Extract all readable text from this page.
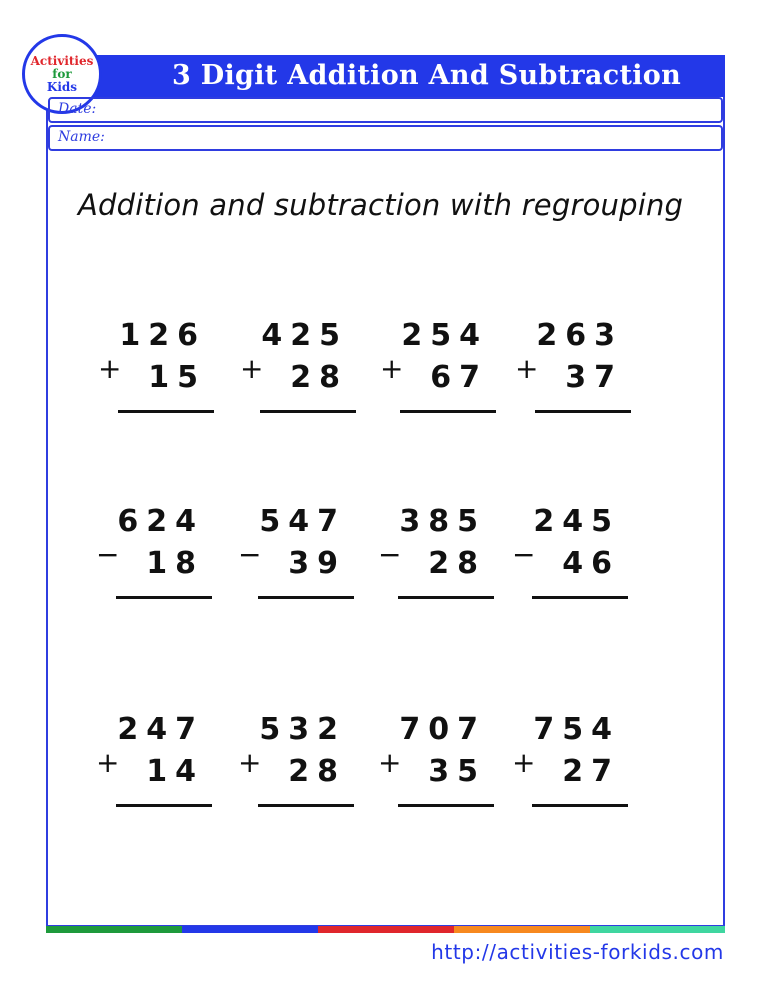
3 Digit Addition And Subtraction
Activities
for
Kids
Date:
Name:
Addition and subtraction with regrouping
126
+ 15
425
+ 28
254
+ 67
263
+ 37
624
− 18
547
− 39
385
− 28
245
− 46
247
+ 14
532
+ 28
707
+ 35
754
+ 27
http://activities-forkids.com
